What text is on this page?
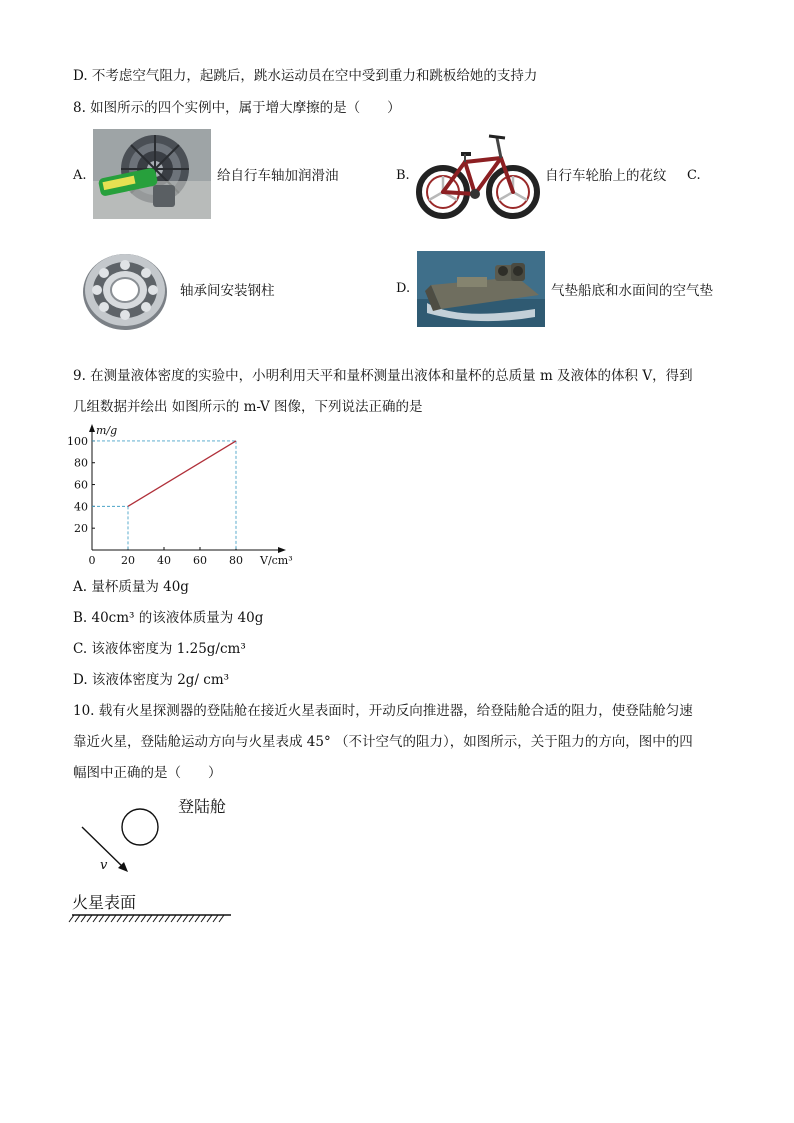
D. 不考虑空气阻力，起跳后，跳水运动员在空中受到重力和跳板给她的支持力
8. 如图所示的四个实例中，属于增大摩擦的是（　　）
A.	给自行车轴加润滑油	B.	自行车轮胎上的花纹 C.
轴承间安装钢柱	D.	气垫船底和水面间的空气垫
9. 在测量液体密度的实验中，小明利用天平和量杯测量出液体和量杯的总质量 m 及液体的体积 V，得到
几组数据并绘出 如图所示的 m-V 图像，下列说法正确的是
m/g
V/cm³
0 20 40 60 80
20
40
60
80
100
A. 量杯质量为 40g
B. 40cm³ 的该液体质量为 40g
C. 该液体密度为 1.25g/cm³
D. 该液体密度为 2g/ cm³
10. 载有火星探测器的登陆舱在接近火星表面时，开动反向推进器，给登陆舱合适的阻力，使登陆舱匀速
靠近火星，登陆舱运动方向与火星表成 45° （不计空气的阻力），如图所示，关于阻力的方向，图中的四
幅图中正确的是（　　）
登陆舱
v
火星表面
